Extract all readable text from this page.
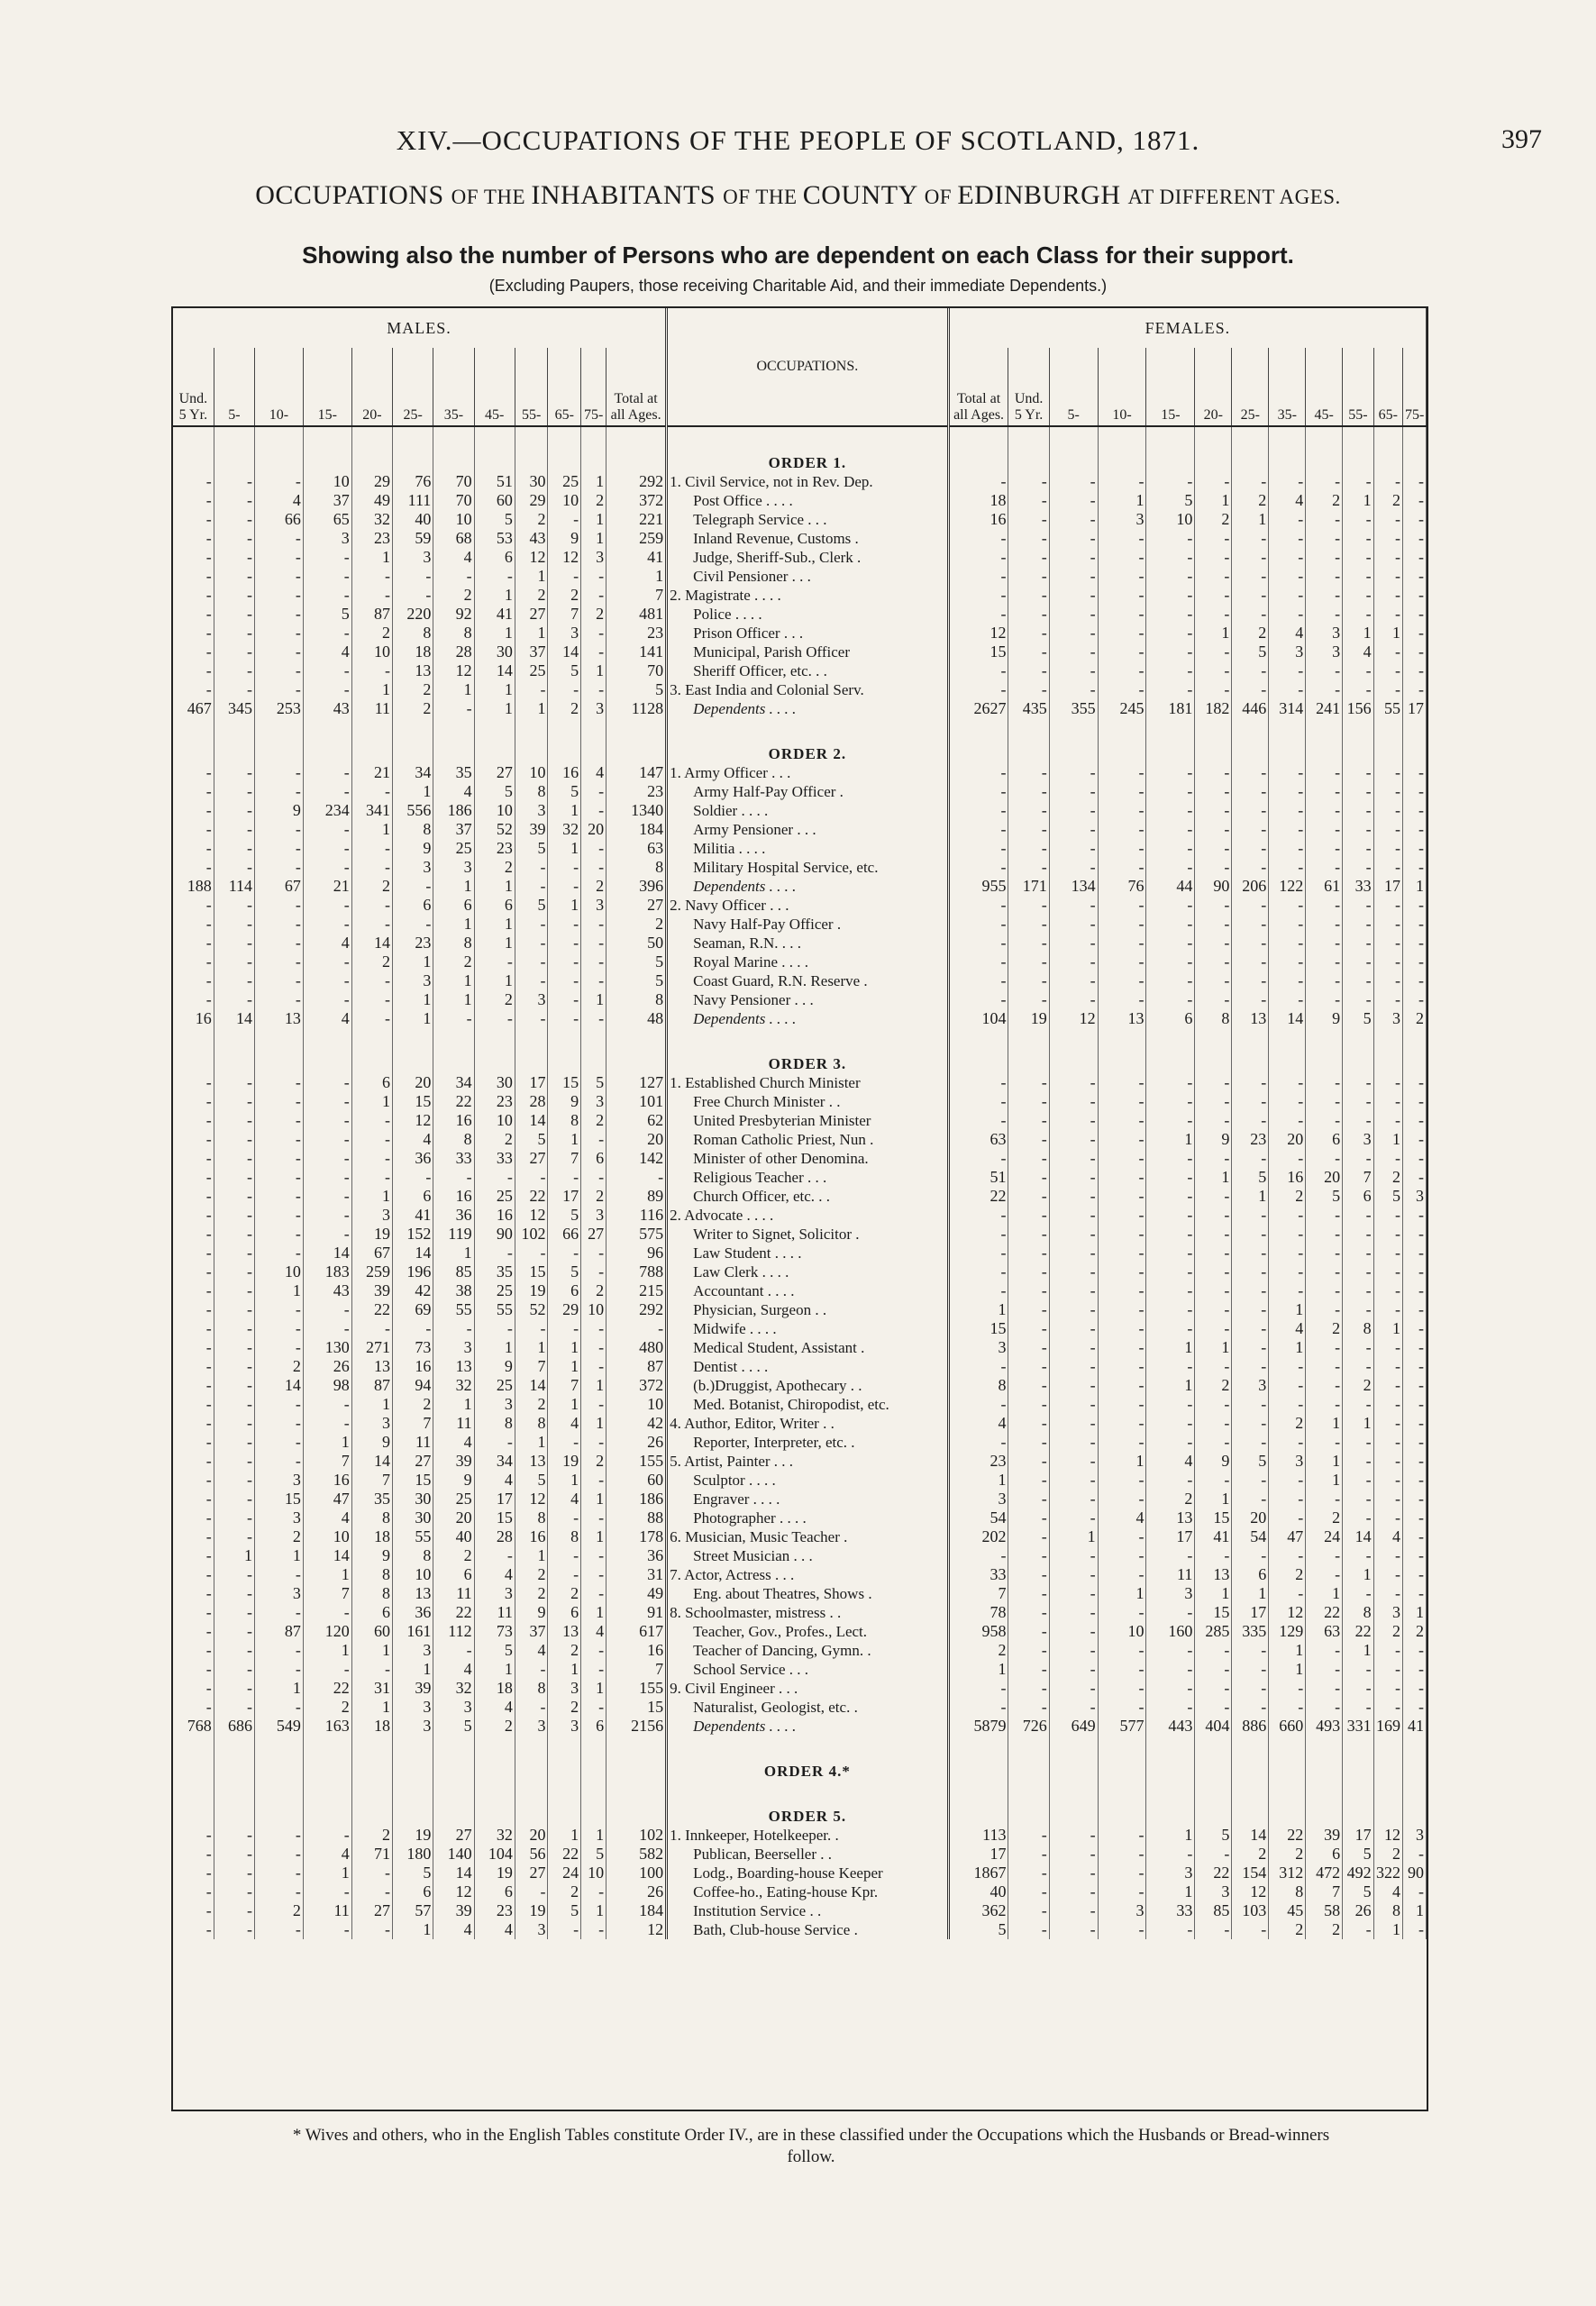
XIV.—OCCUPATIONS OF THE PEOPLE OF SCOTLAND, 1871.	397
OCCUPATIONS OF THE INHABITANTS OF THE COUNTY OF EDINBURGH AT DIFFERENT AGES.
Showing also the number of Persons who are dependent on each Class for their support.
(Excluding Paupers, those receiving Charitable Aid, and their immediate Dependents.)
MALES.												OCCUPATIONS.	FEMALES.											
Und. 5 Yr.	5-	10-	15-	20-	25-	35-	45-	55-	65-	75-	Total at all Ages.		Total at all Ages.	Und. 5 Yr.	5-	10-	15-	20-	25-	35-	45-	55-	65-	75-
												ORDER 1.												
-	-	-	10	29	76	70	51	30	25	1	292	1. Civil Service, not in Rev. Dep.	-	-	-	-	-	-	-	-	-	-	-	-
-	-	4	37	49	111	70	60	29	10	2	372	Post Office . . . .	18	-	-	1	5	1	2	4	2	1	2	-
-	-	66	65	32	40	10	5	2	-	1	221	Telegraph Service . . .	16	-	-	3	10	2	1	-	-	-	-	-
-	-	-	3	23	59	68	53	43	9	1	259	Inland Revenue, Customs .	-	-	-	-	-	-	-	-	-	-	-	-
-	-	-	-	1	3	4	6	12	12	3	41	Judge, Sheriff-Sub., Clerk .	-	-	-	-	-	-	-	-	-	-	-	-
-	-	-	-	-	-	-	-	1	-	-	1	Civil Pensioner . . .	-	-	-	-	-	-	-	-	-	-	-	-
-	-	-	-	-	-	2	1	2	2	-	7	2. Magistrate . . . .	-	-	-	-	-	-	-	-	-	-	-	-
-	-	-	5	87	220	92	41	27	7	2	481	Police . . . .	-	-	-	-	-	-	-	-	-	-	-	-
-	-	-	-	2	8	8	1	1	3	-	23	Prison Officer . . .	12	-	-	-	-	1	2	4	3	1	1	-
-	-	-	4	10	18	28	30	37	14	-	141	Municipal, Parish Officer	15	-	-	-	-	-	5	3	3	4	-	-
-	-	-	-	-	13	12	14	25	5	1	70	Sheriff Officer, etc. . .	-	-	-	-	-	-	-	-	-	-	-	-
-	-	-	-	1	2	1	1	-	-	-	5	3. East India and Colonial Serv.	-	-	-	-	-	-	-	-	-	-	-	-
467	345	253	43	11	2	-	1	1	2	3	1128	Dependents . . . .	2627	435	355	245	181	182	446	314	241	156	55	17
												ORDER 2.												
-	-	-	-	21	34	35	27	10	16	4	147	1. Army Officer . . .	-	-	-	-	-	-	-	-	-	-	-	-
-	-	-	-	-	1	4	5	8	5	-	23	Army Half-Pay Officer .	-	-	-	-	-	-	-	-	-	-	-	-
-	-	9	234	341	556	186	10	3	1	-	1340	Soldier . . . .	-	-	-	-	-	-	-	-	-	-	-	-
-	-	-	-	1	8	37	52	39	32	20	184	Army Pensioner . . .	-	-	-	-	-	-	-	-	-	-	-	-
-	-	-	-	-	9	25	23	5	1	-	63	Militia . . . .	-	-	-	-	-	-	-	-	-	-	-	-
-	-	-	-	-	3	3	2	-	-	-	8	Military Hospital Service, etc.	-	-	-	-	-	-	-	-	-	-	-	-
188	114	67	21	2	-	1	1	-	-	2	396	Dependents . . . .	955	171	134	76	44	90	206	122	61	33	17	1
-	-	-	-	-	6	6	6	5	1	3	27	2. Navy Officer . . .	-	-	-	-	-	-	-	-	-	-	-	-
-	-	-	-	-	-	1	1	-	-	-	2	Navy Half-Pay Officer .	-	-	-	-	-	-	-	-	-	-	-	-
-	-	-	4	14	23	8	1	-	-	-	50	Seaman, R.N. . . .	-	-	-	-	-	-	-	-	-	-	-	-
-	-	-	-	2	1	2	-	-	-	-	5	Royal Marine . . . .	-	-	-	-	-	-	-	-	-	-	-	-
-	-	-	-	-	3	1	1	-	-	-	5	Coast Guard, R.N. Reserve .	-	-	-	-	-	-	-	-	-	-	-	-
-	-	-	-	-	1	1	2	3	-	1	8	Navy Pensioner . . .	-	-	-	-	-	-	-	-	-	-	-	-
16	14	13	4	-	1	-	-	-	-	-	48	Dependents . . . .	104	19	12	13	6	8	13	14	9	5	3	2
												ORDER 3.												
-	-	-	-	6	20	34	30	17	15	5	127	1. Established Church Minister	-	-	-	-	-	-	-	-	-	-	-	-
-	-	-	-	1	15	22	23	28	9	3	101	Free Church Minister . .	-	-	-	-	-	-	-	-	-	-	-	-
-	-	-	-	-	12	16	10	14	8	2	62	United Presbyterian Minister	-	-	-	-	-	-	-	-	-	-	-	-
-	-	-	-	-	4	8	2	5	1	-	20	Roman Catholic Priest, Nun .	63	-	-	-	1	9	23	20	6	3	1	-
-	-	-	-	-	36	33	33	27	7	6	142	Minister of other Denomina.	-	-	-	-	-	-	-	-	-	-	-	-
-	-	-	-	-	-	-	-	-	-	-	-	Religious Teacher . . .	51	-	-	-	-	1	5	16	20	7	2	-
-	-	-	-	1	6	16	25	22	17	2	89	Church Officer, etc. . .	22	-	-	-	-	-	1	2	5	6	5	3
-	-	-	-	3	41	36	16	12	5	3	116	2. Advocate . . . .	-	-	-	-	-	-	-	-	-	-	-	-
-	-	-	-	19	152	119	90	102	66	27	575	Writer to Signet, Solicitor .	-	-	-	-	-	-	-	-	-	-	-	-
-	-	-	14	67	14	1	-	-	-	-	96	Law Student . . . .	-	-	-	-	-	-	-	-	-	-	-	-
-	-	10	183	259	196	85	35	15	5	-	788	Law Clerk . . . .	-	-	-	-	-	-	-	-	-	-	-	-
-	-	1	43	39	42	38	25	19	6	2	215	Accountant . . . .	-	-	-	-	-	-	-	-	-	-	-	-
-	-	-	-	22	69	55	55	52	29	10	292	Physician, Surgeon . .	1	-	-	-	-	-	-	1	-	-	-	-
-	-	-	-	-	-	-	-	-	-	-	-	Midwife . . . .	15	-	-	-	-	-	-	4	2	8	1	-
-	-	-	130	271	73	3	1	1	1	-	480	Medical Student, Assistant .	3	-	-	-	1	1	-	1	-	-	-	-
-	-	2	26	13	16	13	9	7	1	-	87	Dentist . . . .	-	-	-	-	-	-	-	-	-	-	-	-
-	-	14	98	87	94	32	25	14	7	1	372	(b.)Druggist, Apothecary . .	8	-	-	-	1	2	3	-	-	2	-	-
-	-	-	-	1	2	1	3	2	1	-	10	Med. Botanist, Chiropodist, etc.	-	-	-	-	-	-	-	-	-	-	-	-
-	-	-	-	3	7	11	8	8	4	1	42	4. Author, Editor, Writer . .	4	-	-	-	-	-	-	2	1	1	-	-
-	-	-	1	9	11	4	-	1	-	-	26	Reporter, Interpreter, etc. .	-	-	-	-	-	-	-	-	-	-	-	-
-	-	-	7	14	27	39	34	13	19	2	155	5. Artist, Painter . . .	23	-	-	1	4	9	5	3	1	-	-	-
-	-	3	16	7	15	9	4	5	1	-	60	Sculptor . . . .	1	-	-	-	-	-	-	-	1	-	-	-
-	-	15	47	35	30	25	17	12	4	1	186	Engraver . . . .	3	-	-	-	2	1	-	-	-	-	-	-
-	-	3	4	8	30	20	15	8	-	-	88	Photographer . . . .	54	-	-	4	13	15	20	-	2	-	-	-
-	-	2	10	18	55	40	28	16	8	1	178	6. Musician, Music Teacher .	202	-	1	-	17	41	54	47	24	14	4	-
-	1	1	14	9	8	2	-	1	-	-	36	Street Musician . . .	-	-	-	-	-	-	-	-	-	-	-	-
-	-	-	1	8	10	6	4	2	-	-	31	7. Actor, Actress . . .	33	-	-	-	11	13	6	2	-	1	-	-
-	-	3	7	8	13	11	3	2	2	-	49	Eng. about Theatres, Shows .	7	-	-	1	3	1	1	-	1	-	-	-
-	-	-	-	6	36	22	11	9	6	1	91	8. Schoolmaster, mistress . .	78	-	-	-	-	15	17	12	22	8	3	1
-	-	87	120	60	161	112	73	37	13	4	617	Teacher, Gov., Profes., Lect.	958	-	-	10	160	285	335	129	63	22	2	2
-	-	-	1	1	3	-	5	4	2	-	16	Teacher of Dancing, Gymn. .	2	-	-	-	-	-	-	1	-	1	-	-
-	-	-	-	-	1	4	1	-	1	-	7	School Service . . .	1	-	-	-	-	-	-	1	-	-	-	-
-	-	1	22	31	39	32	18	8	3	1	155	9. Civil Engineer . . .	-	-	-	-	-	-	-	-	-	-	-	-
-	-	-	2	1	3	3	4	-	2	-	15	Naturalist, Geologist, etc. .	-	-	-	-	-	-	-	-	-	-	-	-
768	686	549	163	18	3	5	2	3	3	6	2156	Dependents . . . .	5879	726	649	577	443	404	886	660	493	331	169	41
												ORDER 4.*												
												ORDER 5.												
-	-	-	-	2	19	27	32	20	1	1	102	1. Innkeeper, Hotelkeeper. .	113	-	-	-	1	5	14	22	39	17	12	3
-	-	-	4	71	180	140	104	56	22	5	582	Publican, Beerseller . .	17	-	-	-	-	-	2	2	6	5	2	-
-	-	-	1	-	5	14	19	27	24	10	100	Lodg., Boarding-house Keeper	1867	-	-	-	3	22	154	312	472	492	322	90
-	-	-	-	-	6	12	6	-	2	-	26	Coffee-ho., Eating-house Kpr.	40	-	-	-	1	3	12	8	7	5	4	-
-	-	2	11	27	57	39	23	19	5	1	184	Institution Service . .	362	-	-	3	33	85	103	45	58	26	8	1
-	-	-	-	-	1	4	4	3	-	-	12	Bath, Club-house Service .	5	-	-	-	-	-	-	2	2	-	1	-
* Wives and others, who in the English Tables constitute Order IV., are in these classified under the Occupations which the Husbands or Bread-winners follow.
